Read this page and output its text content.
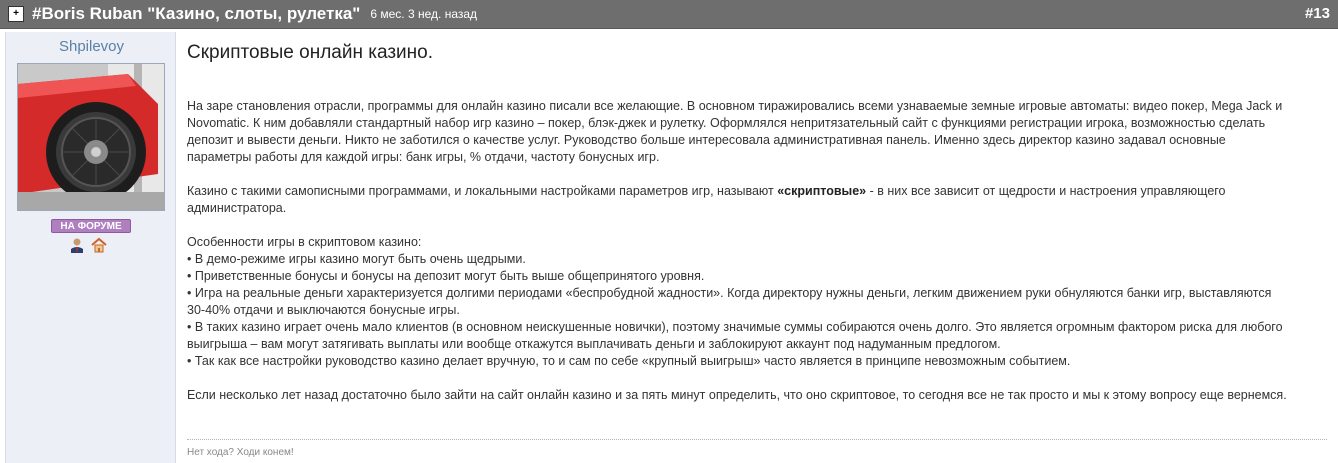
+ #Boris Ruban "Казино, слоты, рулетка" 6 мес. 3 нед. назад	#13
Shpilevoy
НА ФОРУМЕ
Скриптовые онлайн казино.

На заре становления отрасли, программы для онлайн казино писали все желающие. В основном тиражировались всеми узнаваемые земные игровые автоматы: видео покер, Mega Jack и Novomatic. К ним добавляли стандартный набор игр казино – покер, блэк-джек и рулетку. Оформлялся непритязательный сайт с функциями регистрации игрока, возможностью сделать депозит и вывести деньги. Никто не заботился о качестве услуг. Руководство больше интересовала административная панель. Именно здесь директор казино задавал основные параметры работы для каждой игры: банк игры, % отдачи, частоту бонусных игр.

Казино с такими самописными программами, и локальными настройками параметров игр, называют «скриптовые» - в них все зависит от щедрости и настроения управляющего администратора.

Особенности игры в скриптовом казино:

• В демо-режиме игры казино могут быть очень щедрыми.

• Приветственные бонусы и бонусы на депозит могут быть выше общепринятого уровня.

• Игра на реальные деньги характеризуется долгими периодами «беспробудной жадности». Когда директору нужны деньги, легким движением руки обнуляются банки игр, выставляются 30-40% отдачи и выключаются бонусные игры.

• В таких казино играет очень мало клиентов (в основном неискушенные новички), поэтому значимые суммы собираются очень долго. Это является огромным фактором риска для любого выигрыша – вам могут затягивать выплаты или вообще откажутся выплачивать деньги и заблокируют аккаунт под надуманным предлогом.

• Так как все настройки руководство казино делает вручную, то и сам по себе «крупный выигрыш» часто является в принципе невозможным событием.

Если несколько лет назад достаточно было зайти на сайт онлайн казино и за пять минут определить, что оно скриптовое, то сегодня все не так просто и мы к этому вопросу еще вернемся.

Нет хода? Ходи конем!
